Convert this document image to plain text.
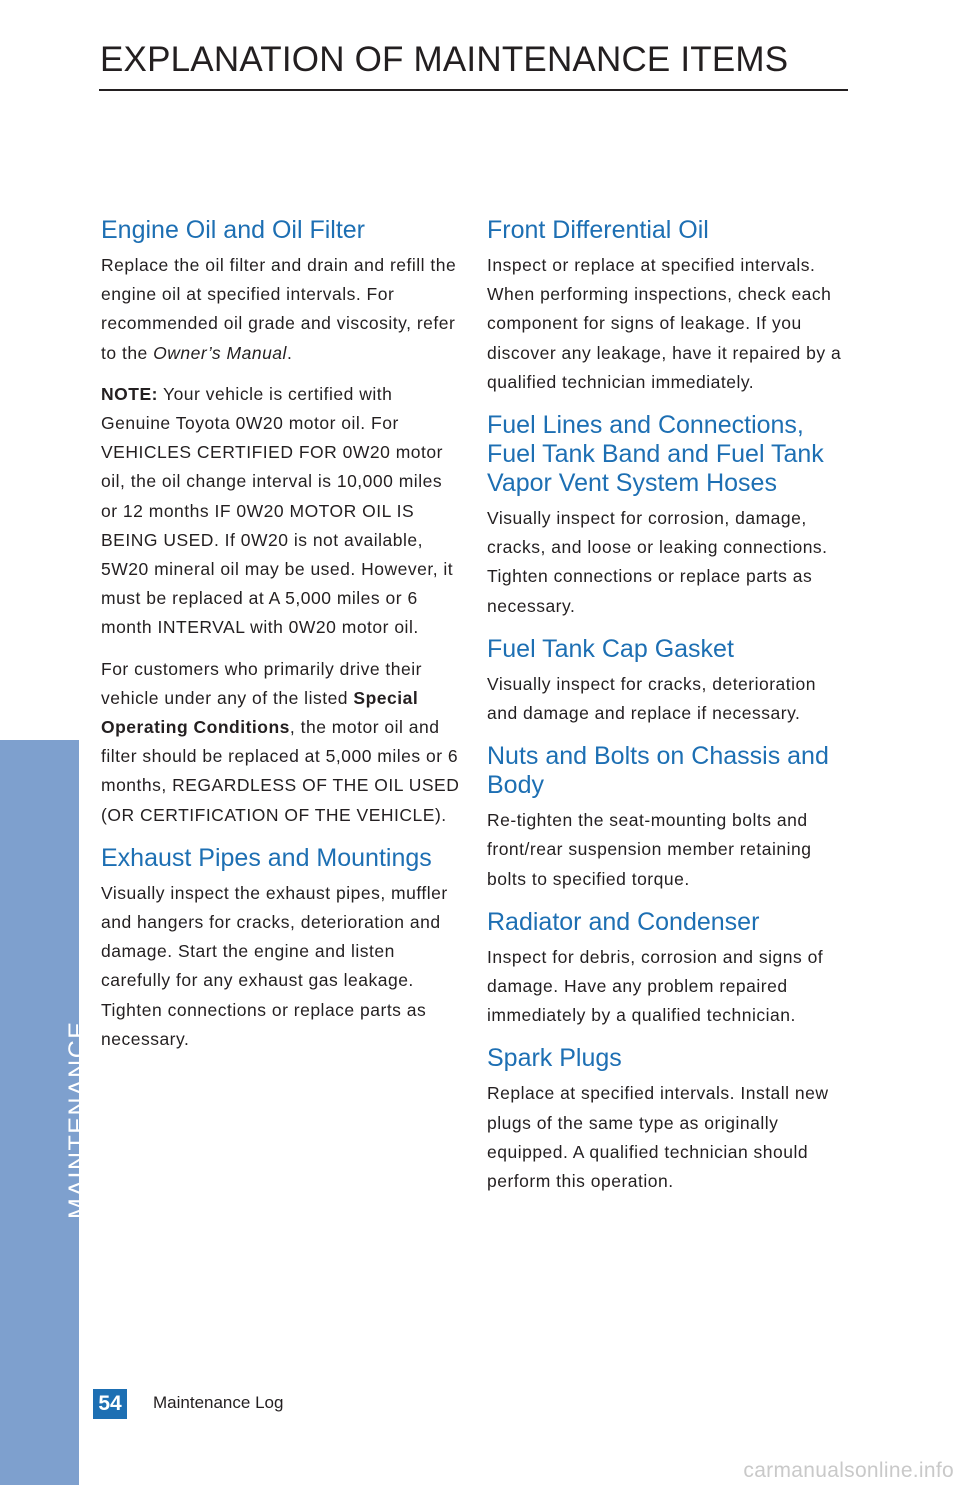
EXPLANATION OF MAINTENANCE ITEMS
MAINTENANCE
Engine Oil and Oil Filter

Replace the oil filter and drain and refill the engine oil at specified intervals. For recommended oil grade and viscosity, refer to the Owner’s Manual.

NOTE: Your vehicle is certified with Genuine Toyota 0W20 motor oil. For VEHICLES CERTIFIED FOR 0W20 motor oil, the oil change interval is 10,000 miles or 12 months IF 0W20 MOTOR OIL IS BEING USED. If 0W20 is not available, 5W20 mineral oil may be used. However, it must be replaced at A 5,000 miles or 6 month INTERVAL with 0W20 motor oil.

For customers who primarily drive their vehicle under any of the listed Special Operating Conditions, the motor oil and filter should be replaced at 5,000 miles or 6 months, REGARDLESS OF THE OIL USED (OR CERTIFICATION OF THE VEHICLE).

Exhaust Pipes and Mountings

Visually inspect the exhaust pipes, muffler and hangers for cracks, deterioration and damage. Start the engine and listen carefully for any exhaust gas leakage. Tighten connections or replace parts as necessary.

Front Differential Oil

Inspect or replace at specified intervals. When performing inspections, check each component for signs of leakage. If you discover any leakage, have it repaired by a qualified technician immediately.

Fuel Lines and Connections, Fuel Tank Band and Fuel Tank Vapor Vent System Hoses

Visually inspect for corrosion, damage, cracks, and loose or leaking connections. Tighten connections or replace parts as necessary.

Fuel Tank Cap Gasket

Visually inspect for cracks, deterioration and damage and replace if necessary.

Nuts and Bolts on Chassis and Body

Re-tighten the seat-mounting bolts and front/rear suspension member retaining bolts to specified torque.

Radiator and Condenser

Inspect for debris, corrosion and signs of damage. Have any problem repaired immediately by a qualified technician.

Spark Plugs

Replace at specified intervals. Install new plugs of the same type as originally equipped. A qualified technician should perform this operation.

54	Maintenance Log
carmanualsonline.info
